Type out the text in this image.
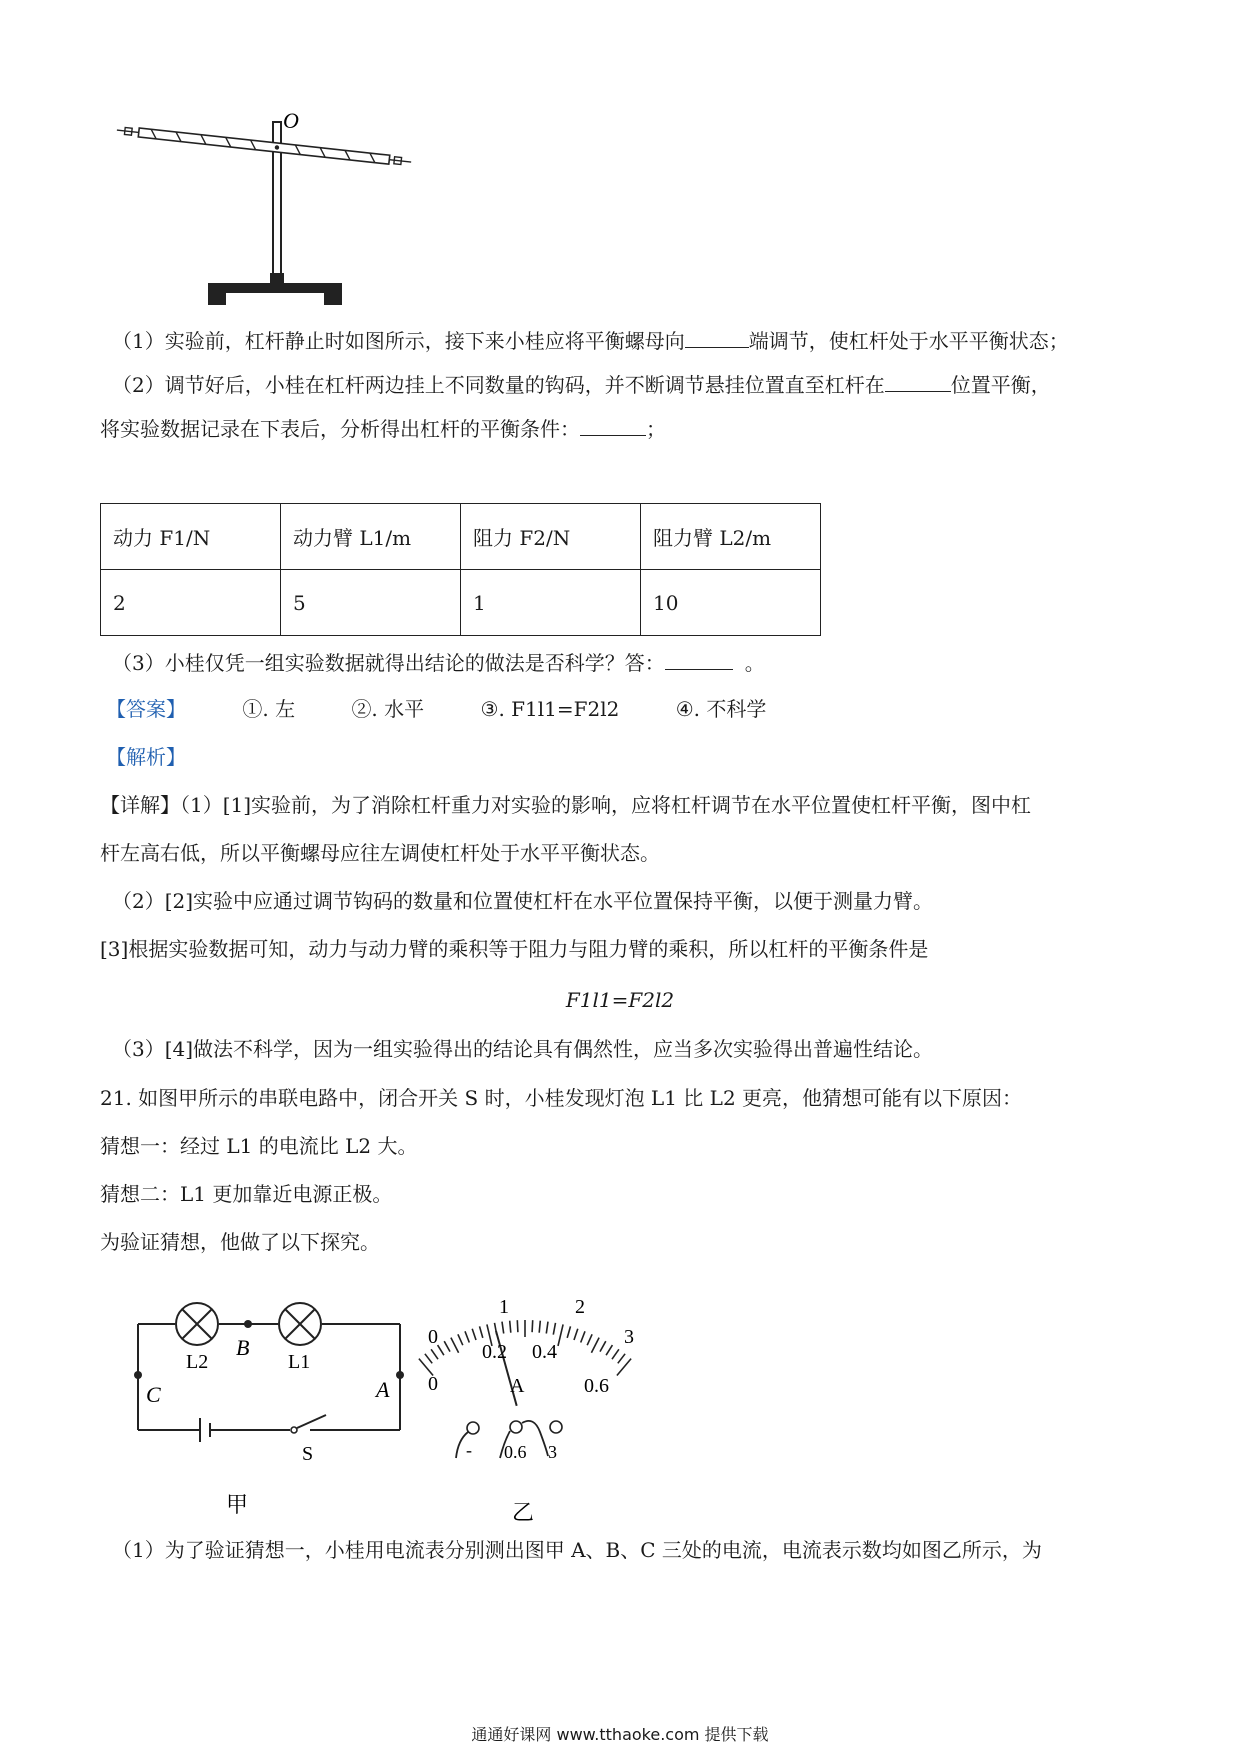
O
（1）实验前，杠杆静止时如图所示，接下来小桂应将平衡螺母向	端调节，使杠杆处于水平平衡状态；
（2）调节好后，小桂在杠杆两边挂上不同数量的钩码，并不断调节悬挂位置直至杠杆在	位置平衡，
将实验数据记录在下表后，分析得出杠杆的平衡条件：	；
动力 F1/N	动力臂 L1/m	阻力 F2/N	阻力臂 L2/m
2	5	1	10
（3）小桂仅凭一组实验数据就得出结论的做法是否科学？答：	。
【答案】	①. 左	②. 水平	③. F1l1=F2l2	④. 不科学
【解析】
【详解】（1）[1]实验前，为了消除杠杆重力对实验的影响，应将杠杆调节在水平位置使杠杆平衡，图中杠
杆左高右低，所以平衡螺母应往左调使杠杆处于水平平衡状态。
（2）[2]实验中应通过调节钩码的数量和位置使杠杆在水平位置保持平衡，以便于测量力臂。
[3]根据实验数据可知，动力与动力臂的乘积等于阻力与阻力臂的乘积，所以杠杆的平衡条件是
F1l1=F2l2
（3）[4]做法不科学，因为一组实验得出的结论具有偶然性，应当多次实验得出普遍性结论。
21. 如图甲所示的串联电路中，闭合开关 S 时，小桂发现灯泡 L1 比 L2 更亮，他猜想可能有以下原因：
猜想一：经过 L1 的电流比 L2 大。
猜想二：L1 更加靠近电源正极。
为验证猜想，他做了以下探究。
L2	L1
B
C	A
S
甲
0
1	2
3
0
0.2 0.4
0.6
A
- 0.6 3
乙
（1）为了验证猜想一，小桂用电流表分别测出图甲 A、B、C 三处的电流，电流表示数均如图乙所示，为
通通好课网 www.tthaoke.com 提供下载
